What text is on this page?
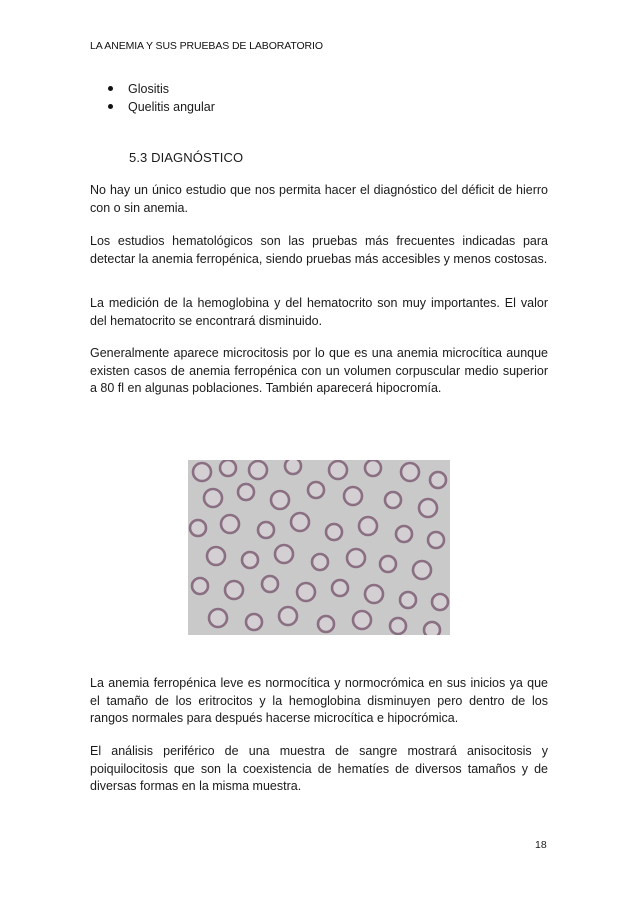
LA ANEMIA Y SUS PRUEBAS DE LABORATORIO
Glositis
Quelitis angular
5.3 DIAGNÓSTICO

No hay un único estudio que nos permita hacer el diagnóstico del déficit de hierro con o sin anemia.

Los estudios hematológicos son las pruebas más frecuentes indicadas para detectar la anemia ferropénica, siendo pruebas más accesibles y menos costosas.

La medición de la hemoglobina y del hematocrito son muy importantes. El valor del hematocrito se encontrará disminuido.

Generalmente aparece microcitosis por lo que es una anemia microcítica aunque existen casos de anemia ferropénica con un volumen corpuscular medio superior a 80 fl en algunas poblaciones. También aparecerá hipocromía.

La anemia ferropénica leve es normocítica y normocrómica en sus inicios ya que el tamaño de los eritrocitos y la hemoglobina disminuyen pero dentro de los rangos normales para después hacerse microcítica e hipocrómica.

El análisis periférico de una muestra de sangre mostrará anisocitosis y poiquilocitosis que son la coexistencia de hematíes de diversos tamaños y de diversas formas en la misma muestra.

18
